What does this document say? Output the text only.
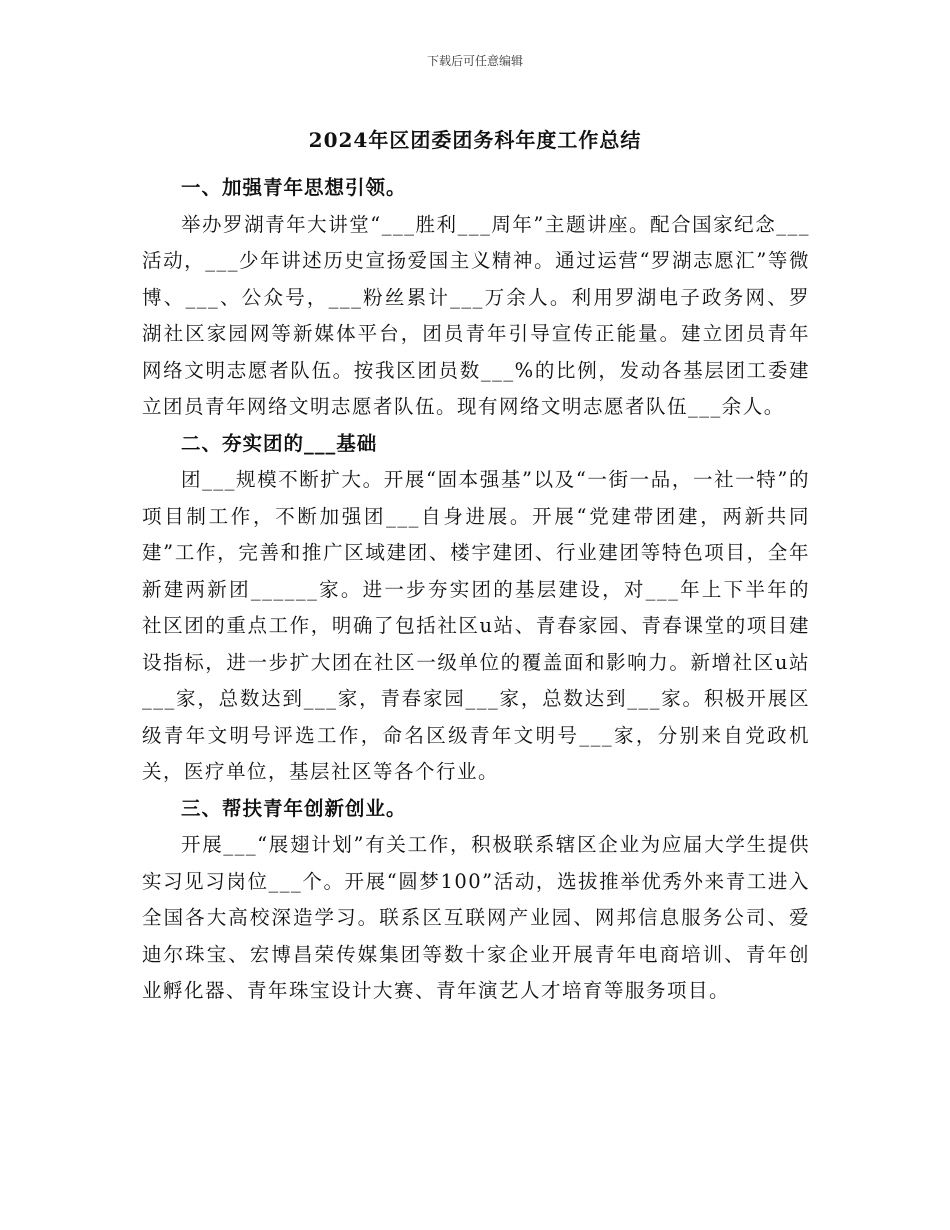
下载后可任意编辑
2024年区团委团务科年度工作总结

一、加强青年思想引领。

举办罗湖青年大讲堂“___胜利___周年”主题讲座。配合国家纪念___活动，___少年讲述历史宣扬爱国主义精神。通过运营“罗湖志愿汇”等微博、___、公众号，___粉丝累计___万余人。利用罗湖电子政务网、罗湖社区家园网等新媒体平台，团员青年引导宣传正能量。建立团员青年网络文明志愿者队伍。按我区团员数___%的比例，发动各基层团工委建立团员青年网络文明志愿者队伍。现有网络文明志愿者队伍___余人。

二、夯实团的___基础

团___规模不断扩大。开展“固本强基”以及“一街一品，一社一特”的项目制工作，不断加强团___自身进展。开展“党建带团建，两新共同建”工作，完善和推广区域建团、楼宇建团、行业建团等特色项目，全年新建两新团______家。进一步夯实团的基层建设，对___年上下半年的社区团的重点工作，明确了包括社区u站、青春家园、青春课堂的项目建设指标，进一步扩大团在社区一级单位的覆盖面和影响力。新增社区u站___家，总数达到___家，青春家园___家，总数达到___家。积极开展区级青年文明号评选工作，命名区级青年文明号___家，分别来自党政机关，医疗单位，基层社区等各个行业。

三、帮扶青年创新创业。

开展___“展翅计划”有关工作，积极联系辖区企业为应届大学生提供实习见习岗位___个。开展“圆梦100”活动，选拔推举优秀外来青工进入全国各大高校深造学习。联系区互联网产业园、网邦信息服务公司、爱迪尔珠宝、宏博昌荣传媒集团等数十家企业开展青年电商培训、青年创业孵化器、青年珠宝设计大赛、青年演艺人才培育等服务项目。
